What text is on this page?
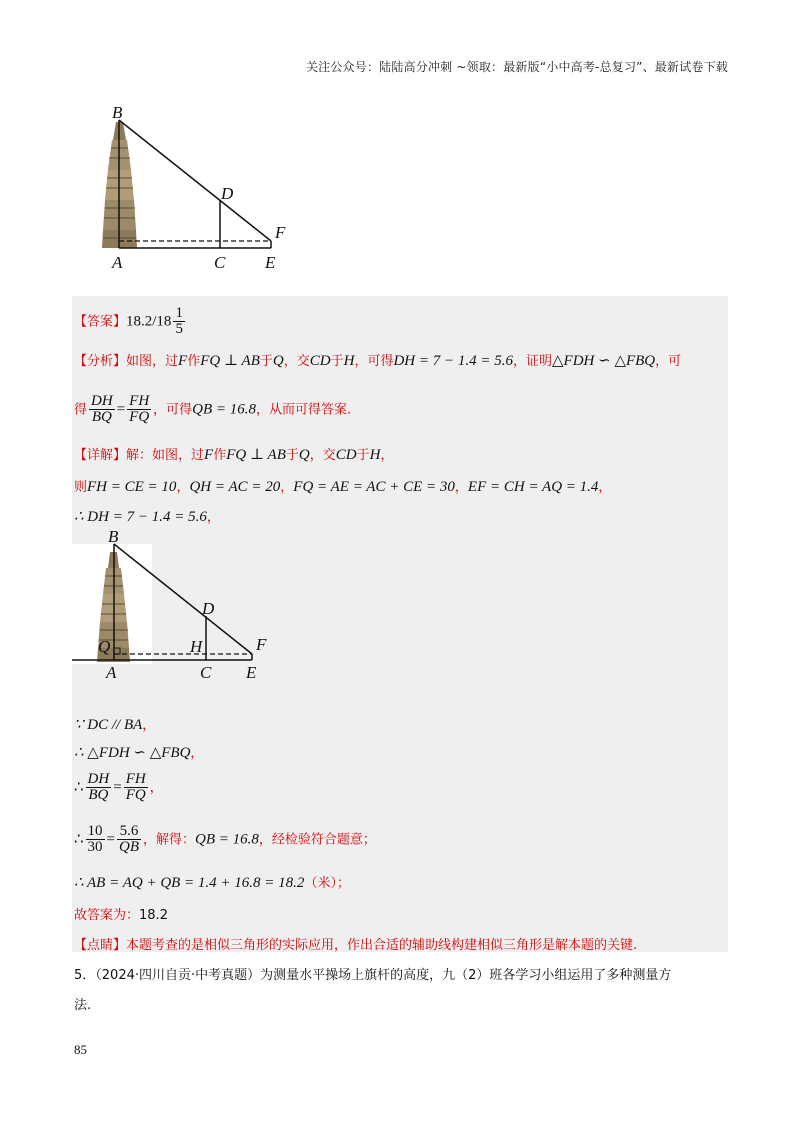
关注公众号：陆陆高分冲刺 ~领取：最新版“小中高考-总复习”、最新试卷下载
B
D
F
A	C E
【答案】$18.2/18 \frac{1}{5}$
【分析】如图，过F作FQ ⊥ AB于Q，交CD于H，可得DH = 7 − 1.4 = 5.6，证明△FDH ∽ △FBQ，可
得 $\frac{DH}{BQ} = \frac{FH}{FQ}$ ，可得QB = 16.8，从而可得答案.
【详解】解：如图，过F作FQ ⊥ AB于Q，交CD于H，
则FH = CE = 10，QH = AC = 20，FQ = AE = AC + CE = 30，EF = CH = AQ = 1.4，
∴ DH = 7 − 1.4 = 5.6，
B
D
Q	H	F
A	C E
∵ DC // BA，
∴ △FDH ∽ △FBQ，
∴ $\frac{DH}{BQ} = \frac{FH}{FQ}$ ，
∴ $\frac{10}{30} = \frac{5.6}{QB}$ ，解得：QB = 16.8，经检验符合题意；
∴ AB = AQ + QB = 1.4 + 16.8 = 18.2（米）；
故答案为：18.2
【点睛】本题考查的是相似三角形的实际应用，作出合适的辅助线构建相似三角形是解本题的关键.
5．（2024·四川自贡·中考真题）为测量水平操场上旗杆的高度，九（2）班各学习小组运用了多种测量方
法.
85
